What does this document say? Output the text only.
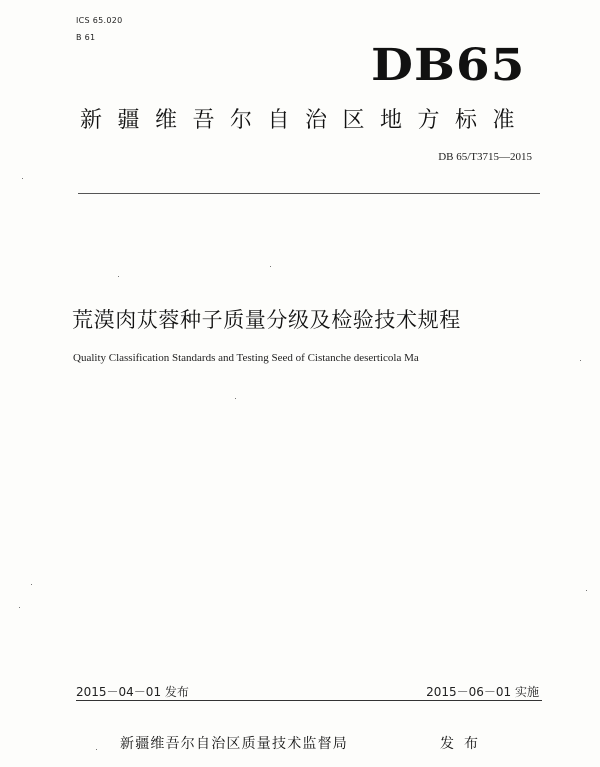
ICS 65.020
B 61
DB65
新疆维吾尔自治区地方标准
DB 65/T3715—2015
荒漠肉苁蓉种子质量分级及检验技术规程
Quality Classification Standards and Testing Seed of Cistanche deserticola Ma
2015－04－01 发布	2015－06－01 实施
新疆维吾尔自治区质量技术监督局	发布
